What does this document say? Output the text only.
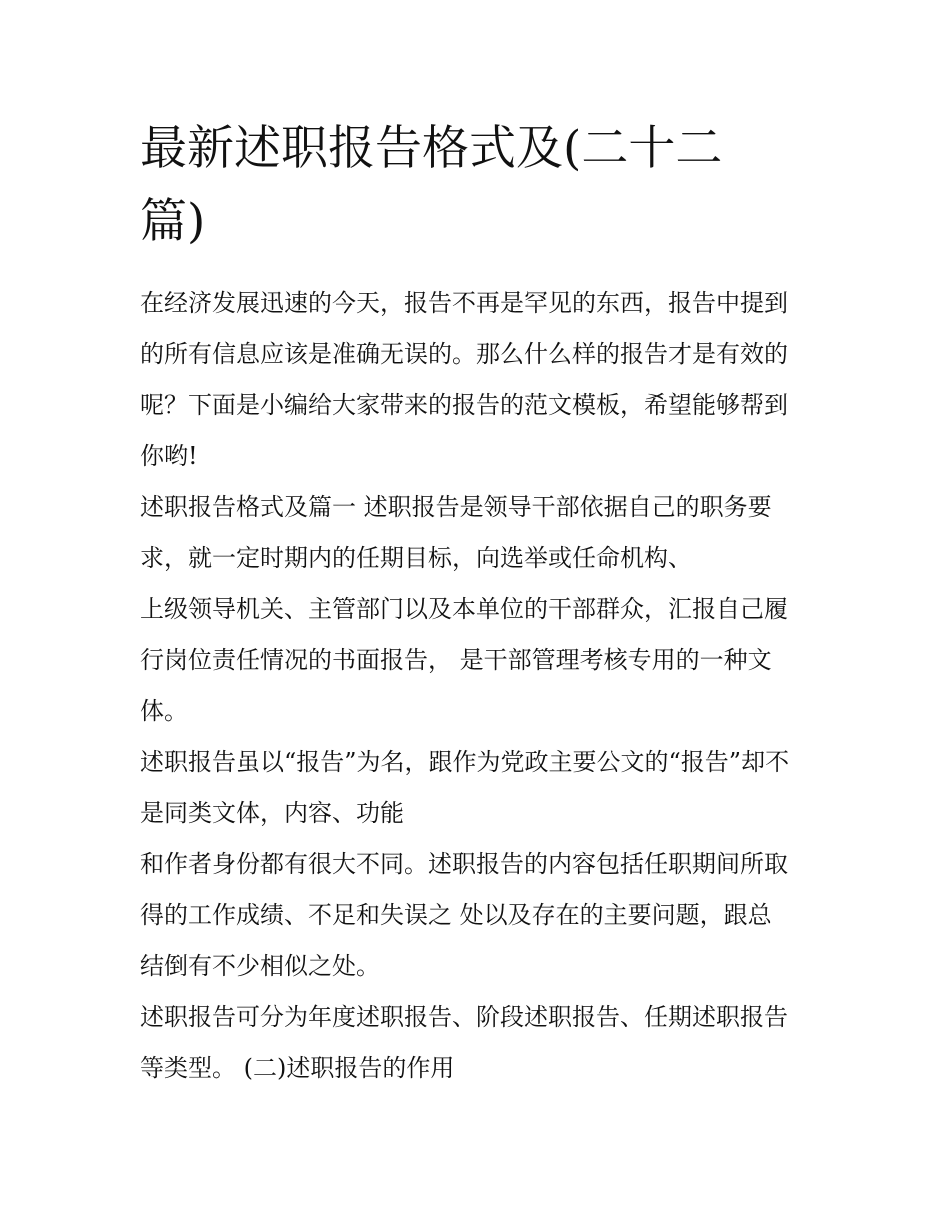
最新述职报告格式及(二十二
篇)
在经济发展迅速的今天，报告不再是罕见的东西，报告中提到
的所有信息应该是准确无误的。那么什么样的报告才是有效的
呢？下面是小编给大家带来的报告的范文模板，希望能够帮到
你哟!
述职报告格式及篇一 述职报告是领导干部依据自己的职务要
求，就一定时期内的任期目标，向选举或任命机构、
上级领导机关、主管部门以及本单位的干部群众，汇报自己履
行岗位责任情况的书面报告， 是干部管理考核专用的一种文
体。
述职报告虽以“报告”为名，跟作为党政主要公文的“报告”却不
是同类文体，内容、功能
和作者身份都有很大不同。述职报告的内容包括任职期间所取
得的工作成绩、不足和失误之 处以及存在的主要问题，跟总
结倒有不少相似之处。
述职报告可分为年度述职报告、阶段述职报告、任期述职报告
等类型。 (二)述职报告的作用
